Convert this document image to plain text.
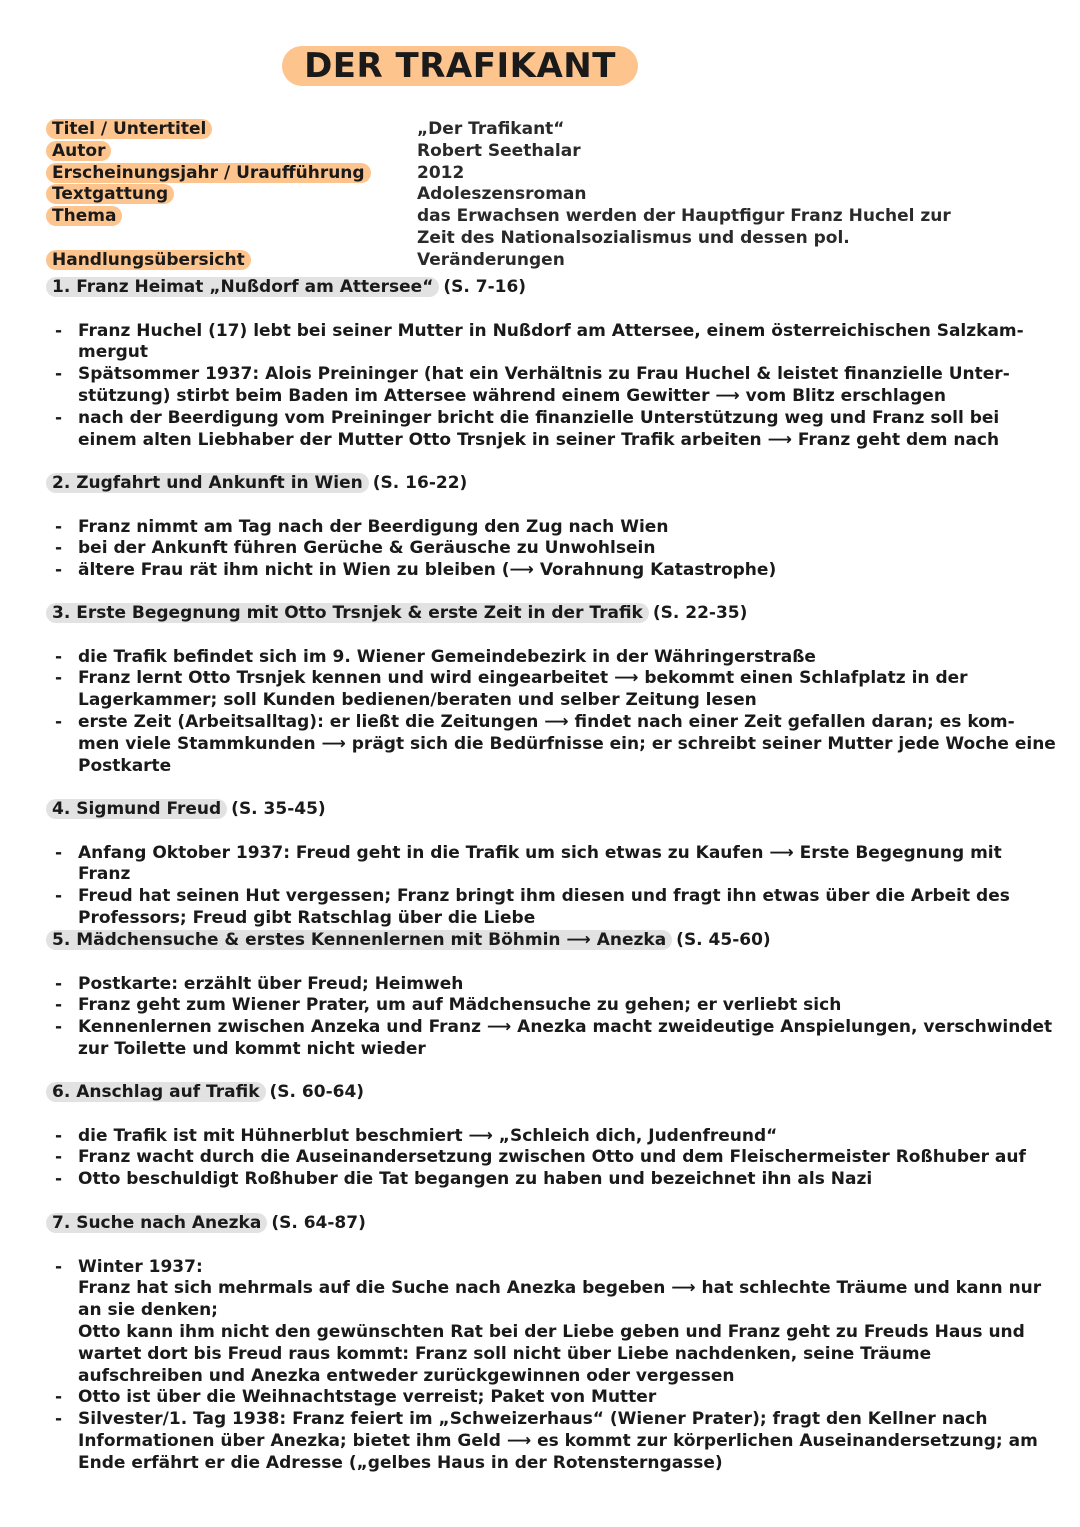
DER TRAFIKANT
Titel / Untertitel	„Der Trafikant“
Autor	Robert Seethalar
Erscheinungsjahr / Uraufführung	2012
Textgattung	Adoleszensroman
Thema	das Erwachsen werden der Hauptfigur Franz Huchel zur Zeit des Nationalsozialismus und dessen pol. Veränderungen
Handlungsübersicht

1. Franz Heimat „Nußdorf am Attersee“ (S. 7-16)

- Franz Huchel (17) lebt bei seiner Mutter in Nußdorf am Attersee, einem österreichischen Salzkam- mergut
- Spätsommer 1937: Alois Preininger (hat ein Verhältnis zu Frau Huchel & leistet finanzielle Unter- stützung) stirbt beim Baden im Attersee während einem Gewitter ⟶ vom Blitz erschlagen
- nach der Beerdigung vom Preininger bricht die finanzielle Unterstützung weg und Franz soll bei einem alten Liebhaber der Mutter Otto Trsnjek in seiner Trafik arbeiten ⟶ Franz geht dem nach

2. Zugfahrt und Ankunft in Wien (S. 16-22)

- Franz nimmt am Tag nach der Beerdigung den Zug nach Wien
- bei der Ankunft führen Gerüche & Geräusche zu Unwohlsein
- ältere Frau rät ihm nicht in Wien zu bleiben (⟶ Vorahnung Katastrophe)

3. Erste Begegnung mit Otto Trsnjek & erste Zeit in der Trafik (S. 22-35)

- die Trafik befindet sich im 9. Wiener Gemeindebezirk in der Währingerstraße
- Franz lernt Otto Trsnjek kennen und wird eingearbeitet ⟶ bekommt einen Schlafplatz in der Lagerkammer; soll Kunden bedienen/beraten und selber Zeitung lesen
- erste Zeit (Arbeitsalltag): er ließt die Zeitungen ⟶ findet nach einer Zeit gefallen daran; es kom- men viele Stammkunden ⟶ prägt sich die Bedürfnisse ein; er schreibt seiner Mutter jede Woche eine Postkarte

4. Sigmund Freud (S. 35-45)

- Anfang Oktober 1937: Freud geht in die Trafik um sich etwas zu Kaufen ⟶ Erste Begegnung mit Franz
- Freud hat seinen Hut vergessen; Franz bringt ihm diesen und fragt ihn etwas über die Arbeit des Professors; Freud gibt Ratschlag über die Liebe

5. Mädchensuche & erstes Kennenlernen mit Böhmin ⟶ Anezka (S. 45-60)

- Postkarte: erzählt über Freud; Heimweh
- Franz geht zum Wiener Prater, um auf Mädchensuche zu gehen; er verliebt sich
- Kennenlernen zwischen Anzeka und Franz ⟶ Anezka macht zweideutige Anspielungen, verschwindet zur Toilette und kommt nicht wieder

6. Anschlag auf Trafik (S. 60-64)

- die Trafik ist mit Hühnerblut beschmiert ⟶ „Schleich dich, Judenfreund“
- Franz wacht durch die Auseinandersetzung zwischen Otto und dem Fleischermeister Roßhuber auf
- Otto beschuldigt Roßhuber die Tat begangen zu haben und bezeichnet ihn als Nazi

7. Suche nach Anezka (S. 64-87)

- Winter 1937:
Franz hat sich mehrmals auf die Suche nach Anezka begeben ⟶ hat schlechte Träume und kann nur an sie denken;
Otto kann ihm nicht den gewünschten Rat bei der Liebe geben und Franz geht zu Freuds Haus und wartet dort bis Freud raus kommt: Franz soll nicht über Liebe nachdenken, seine Träume aufschreiben und Anezka entweder zurückgewinnen oder vergessen
- Otto ist über die Weihnachtstage verreist; Paket von Mutter
- Silvester/1. Tag 1938: Franz feiert im „Schweizerhaus“ (Wiener Prater); fragt den Kellner nach Informationen über Anezka; bietet ihm Geld ⟶ es kommt zur körperlichen Auseinandersetzung; am Ende erfährt er die Adresse („gelbes Haus in der Rotensterngasse)
